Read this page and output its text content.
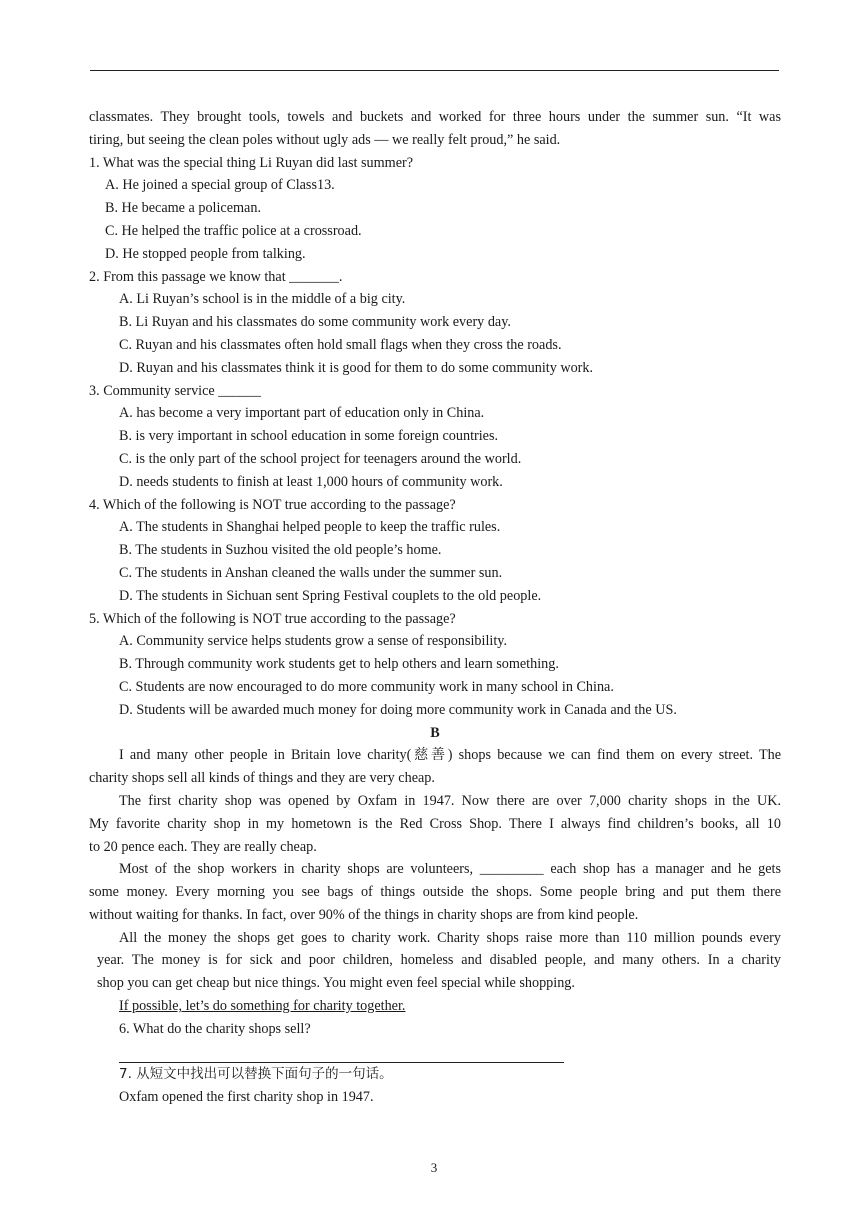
classmates. They brought tools, towels and buckets and worked for three hours under the summer sun. “It was
tiring, but seeing the clean poles without ugly ads — we really felt proud,” he said.
1. What was the special thing Li Ruyan did last summer?
A. He joined a special group of Class13.
B. He became a policeman.
C. He helped the traffic police at a crossroad.
D. He stopped people from talking.
2. From this passage we know that _______.
A. Li Ruyan’s school is in the middle of a big city.
B. Li Ruyan and his classmates do some community work every day.
C. Ruyan and his classmates often hold small flags when they cross the roads.
D. Ruyan and his classmates think it is good for them to do some community work.
3. Community service ______
A. has become a very important part of education only in China.
B. is very important in school education in some foreign countries.
C. is the only part of the school project for teenagers around the world.
D. needs students to finish at least 1,000 hours of community work.
4. Which of the following is NOT true according to the passage?
A. The students in Shanghai helped people to keep the traffic rules.
B. The students in Suzhou visited the old people’s home.
C. The students in Anshan cleaned the walls under the summer sun.
D. The students in Sichuan sent Spring Festival couplets to the old people.
5. Which of the following is NOT true according to the passage?
A. Community service helps students grow a sense of responsibility.
B. Through community work students get to help others and learn something.
C. Students are now encouraged to do more community work in many school in China.
D. Students will be awarded much money for doing more community work in Canada and the US.
B
I and many other people in Britain love charity(慈善) shops because we can find them on every street. The
charity shops sell all kinds of things and they are very cheap.
The first charity shop was opened by Oxfam in 1947. Now there are over 7,000 charity shops in the UK.
My favorite charity shop in my hometown is the Red Cross Shop. There I always find children’s books, all 10
to 20 pence each. They are really cheap.
Most of the shop workers in charity shops are volunteers, _________ each shop has a manager and he gets
some money. Every morning you see bags of things outside the shops. Some people bring and put them there
without waiting for thanks. In fact, over 90% of the things in charity shops are from kind people.
All the money the shops get goes to charity work. Charity shops raise more than 110 million pounds every
year. The money is for sick and poor children, homeless and disabled people, and many others. In a charity
shop you can get cheap but nice things. You might even feel special while shopping.
If possible, let’s do something for charity together.
6. What do the charity shops sell?
7. 从短文中找出可以替换下面句子的一句话。
Oxfam opened the first charity shop in 1947.
3
